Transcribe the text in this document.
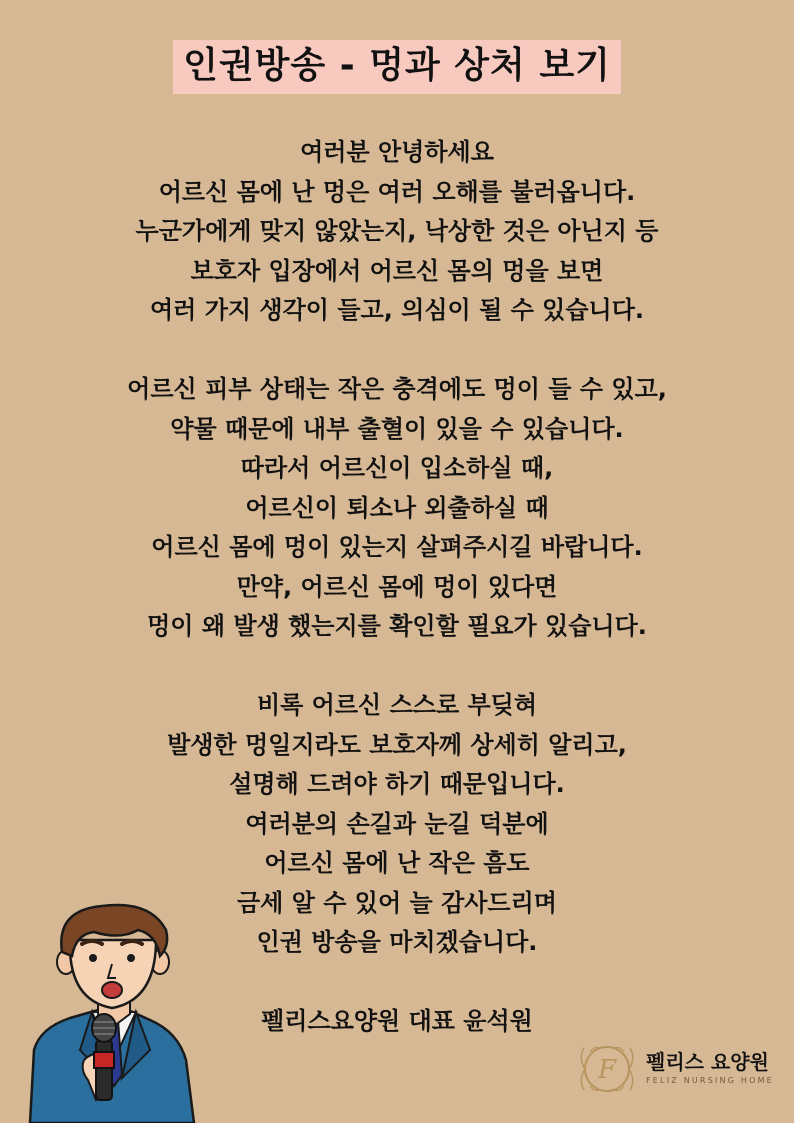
인권방송 - 멍과 상처 보기
여러분 안녕하세요
어르신 몸에 난 멍은 여러 오해를 불러옵니다.
누군가에게 맞지 않았는지, 낙상한 것은 아닌지 등
보호자 입장에서 어르신 몸의 멍을 보면
여러 가지 생각이 들고, 의심이 될 수 있습니다.
어르신 피부 상태는 작은 충격에도 멍이 들 수 있고,
약물 때문에 내부 출혈이 있을 수 있습니다.
따라서 어르신이 입소하실 때,
어르신이 퇴소나 외출하실 때
어르신 몸에 멍이 있는지 살펴주시길 바랍니다.
만약, 어르신 몸에 멍이 있다면
멍이 왜 발생 했는지를 확인할 필요가 있습니다.
비록 어르신 스스로 부딪혀
발생한 멍일지라도 보호자께 상세히 알리고,
설명해 드려야 하기 때문입니다.
여러분의 손길과 눈길 덕분에
어르신 몸에 난 작은 흠도
금세 알 수 있어 늘 감사드리며
인권 방송을 마치겠습니다.
펠리스요양원 대표 윤석원
F 펠리스 요양원
FELIZ NURSING HOME
